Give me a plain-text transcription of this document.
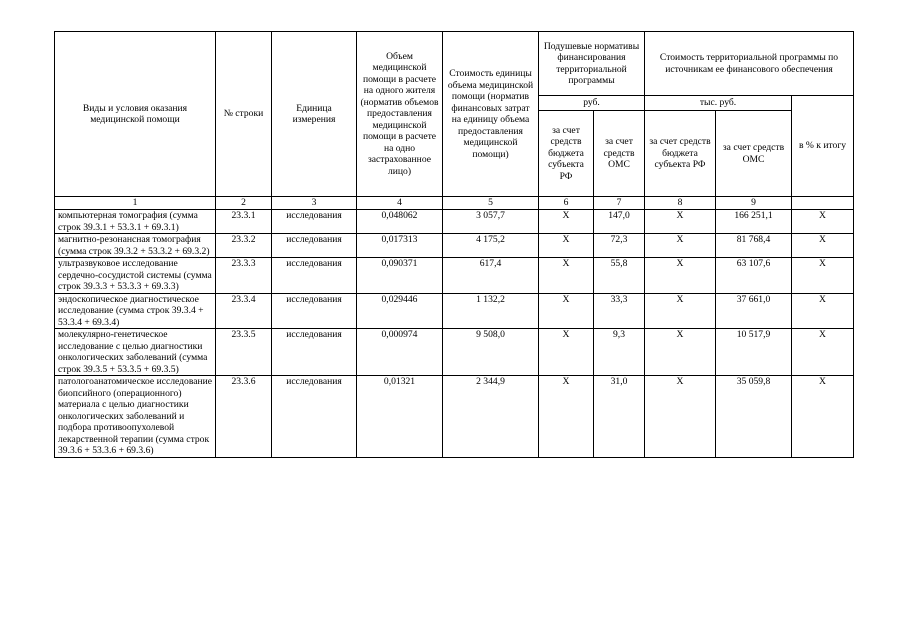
Виды и условия оказания медицинской помощи	№ строки	Единица измерения	Объем медицинской помощи в расчете на одного жителя (норматив объемов предоставления медицинской помощи в расчете на одно застрахованное лицо)	Стоимость единицы объема медицинской помощи (норматив финансовых затрат на единицу объема предоставления медицинской помощи)	Подушевые нормативы финансирования территориальной программы		Стоимость территориальной программы по источникам ее финансового обеспечения		
					руб.		тыс. руб.		в % к итогу
					за счет средств бюджета субъекта РФ	за счет средств ОМС	за счет средств бюджета субъекта РФ	за счет средств ОМС	
1	2	3	4	5	6	7	8	9	
компьютерная томография (сумма строк 39.3.1 + 53.3.1 + 69.3.1)	23.3.1	исследования	0,048062	3 057,7	Х	147,0	Х	166 251,1	Х
магнитно-резонансная томография (сумма строк 39.3.2 + 53.3.2 + 69.3.2)	23.3.2	исследования	0,017313	4 175,2	Х	72,3	Х	81 768,4	Х
ультразвуковое исследование сердечно-сосудистой системы (сумма строк 39.3.3 + 53.3.3 + 69.3.3)	23.3.3	исследования	0,090371	617,4	Х	55,8	Х	63 107,6	Х
эндоскопическое диагностическое исследование (сумма строк 39.3.4 + 53.3.4 + 69.3.4)	23.3.4	исследования	0,029446	1 132,2	Х	33,3	Х	37 661,0	Х
молекулярно-генетическое исследование с целью диагностики онкологических заболеваний (сумма строк 39.3.5 + 53.3.5 + 69.3.5)	23.3.5	исследования	0,000974	9 508,0	Х	9,3	Х	10 517,9	Х
патологоанатомическое исследование биопсийного (операционного) материала с целью диагностики онкологических заболеваний и подбора противоопухолевой лекарственной терапии (сумма строк 39.3.6 + 53.3.6 + 69.3.6)	23.3.6	исследования	0,01321	2 344,9	Х	31,0	Х	35 059,8	Х
